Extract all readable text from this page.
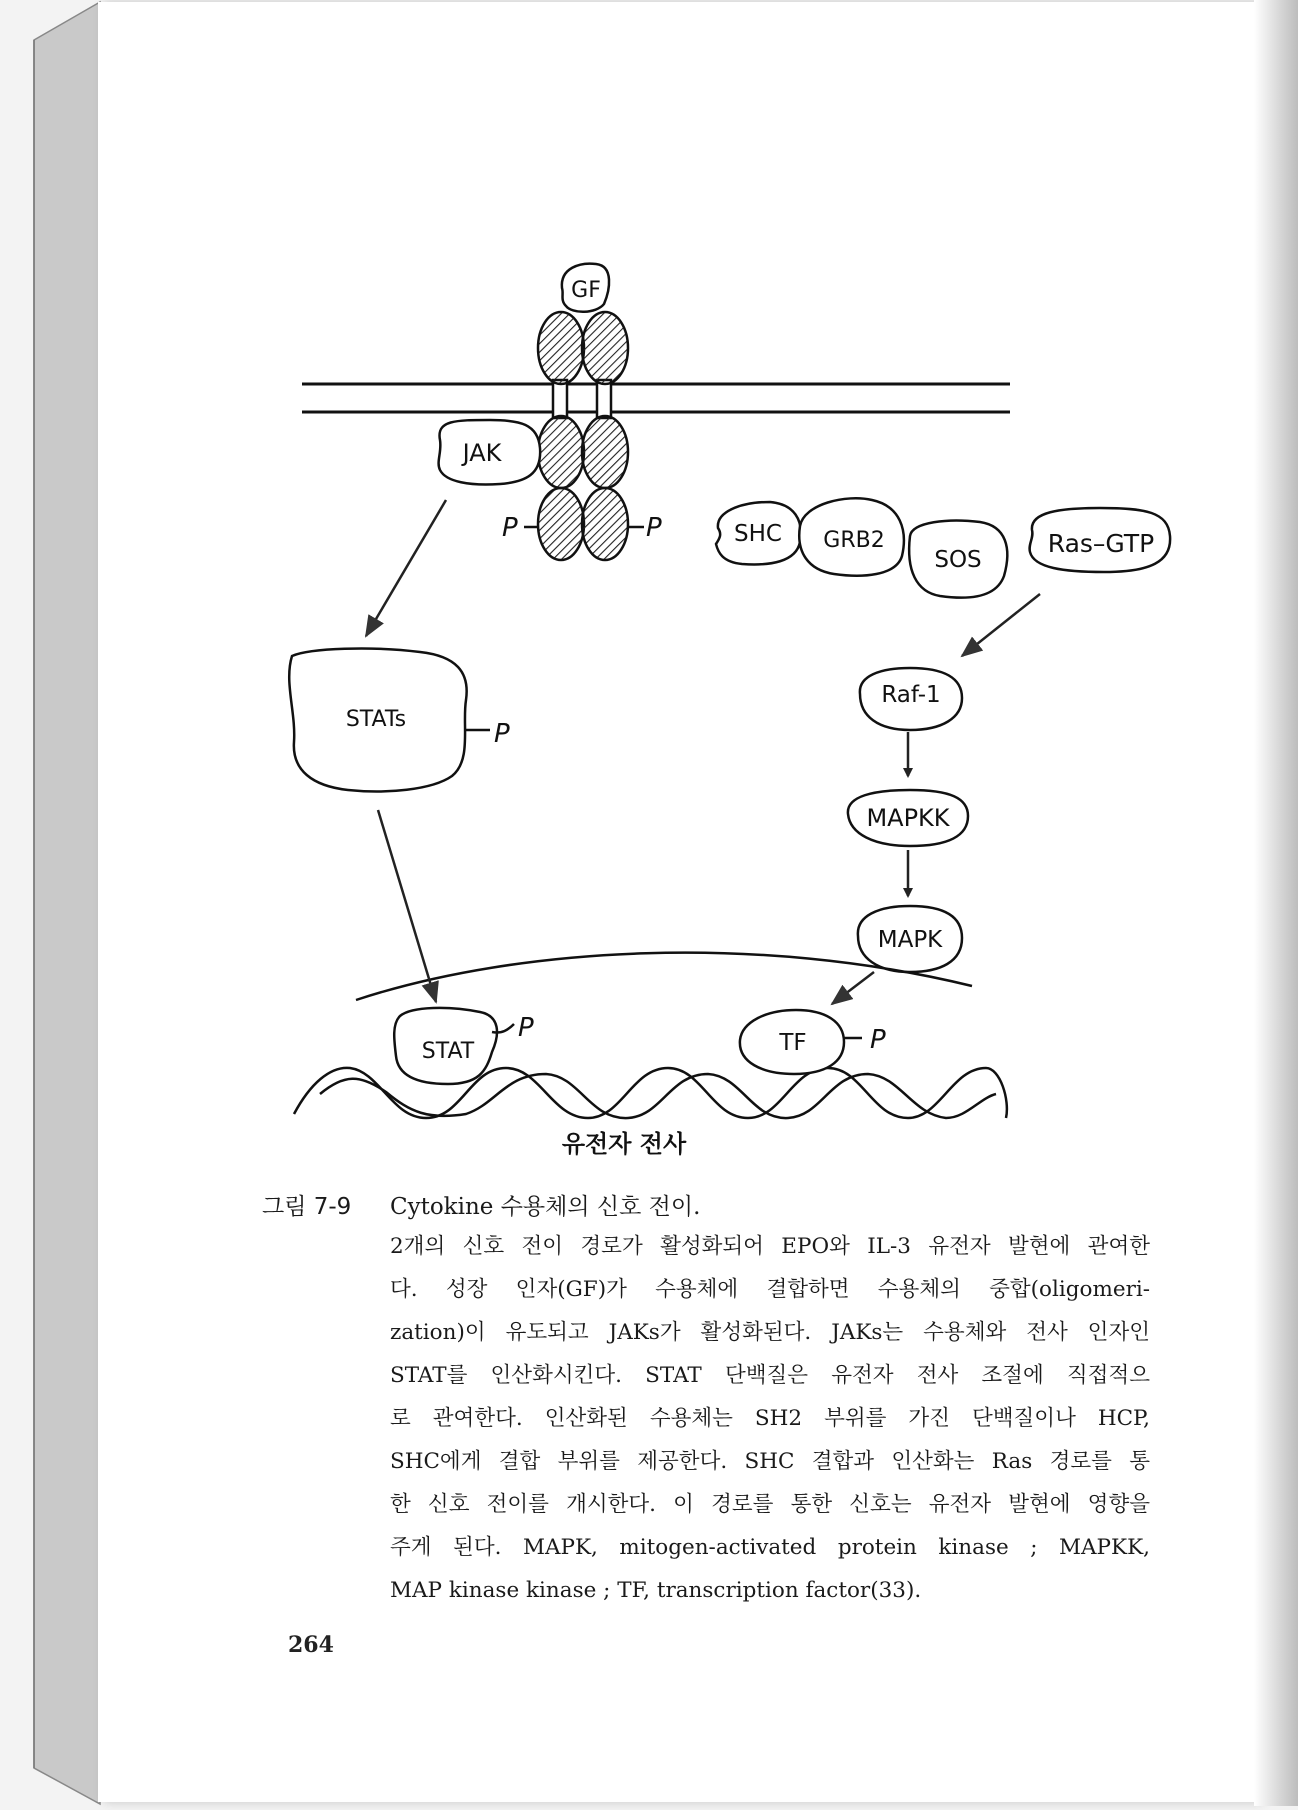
GF
P	P
JAK
SHC GRB2
SOS
Ras–GTP
STATs	P
Raf-1
MAPKK
MAPK
STAT
P	TF P
유전자 전사
그림 7-9	Cytokine 수용체의 신호 전이.
2개의 신호 전이 경로가 활성화되어 EPO와 IL-3 유전자 발현에 관여한
다. 성장 인자(GF)가 수용체에 결합하면 수용체의 중합(oligomeri-
zation)이 유도되고 JAKs가 활성화된다. JAKs는 수용체와 전사 인자인
STAT를 인산화시킨다. STAT 단백질은 유전자 전사 조절에 직접적으
로 관여한다. 인산화된 수용체는 SH2 부위를 가진 단백질이나 HCP,
SHC에게 결합 부위를 제공한다. SHC 결합과 인산화는 Ras 경로를 통
한 신호 전이를 개시한다. 이 경로를 통한 신호는 유전자 발현에 영향을
주게 된다. MAPK, mitogen-activated protein kinase ; MAPKK,
MAP kinase kinase ; TF, transcription factor(33).
264
